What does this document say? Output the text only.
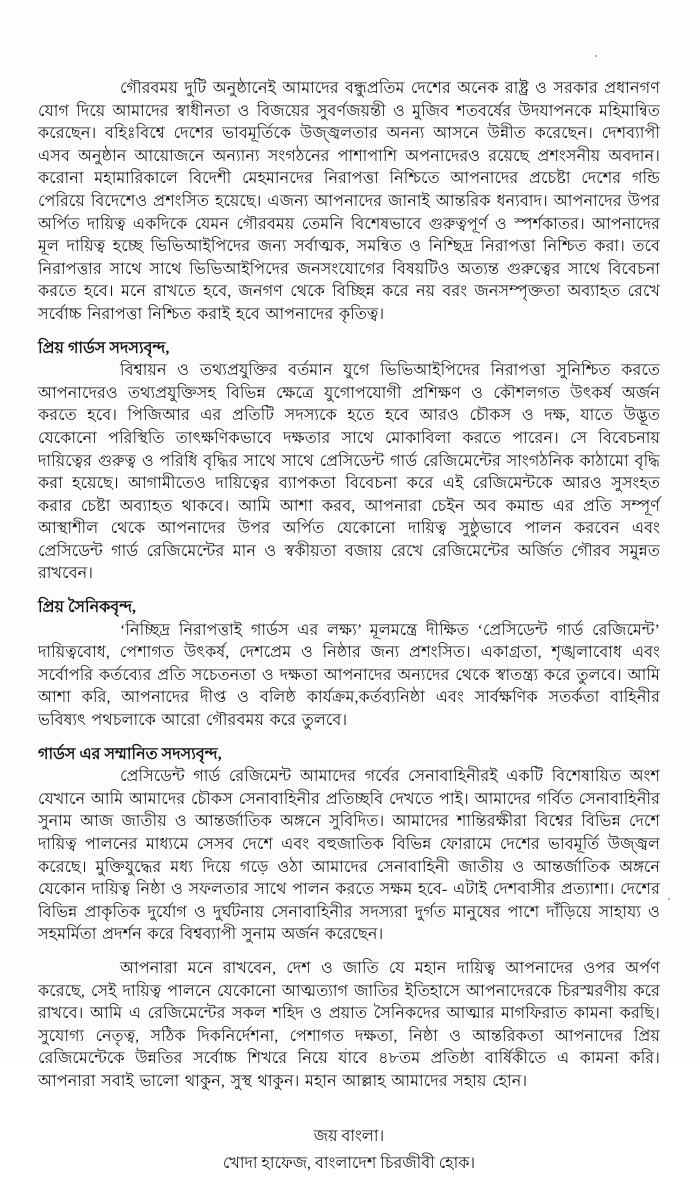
গৌরবময় দুটি অনুষ্ঠানেই আমাদের বন্ধুপ্রতিম দেশের অনেক রাষ্ট্র ও সরকার প্রধানগণ যোগ দিয়ে আমাদের স্বাধীনতা ও বিজয়ের সুবর্ণজয়ন্তী ও মুজিব শতবর্ষের উদযাপনকে মহিমান্বিত করেছেন। বহিঃবিশ্বে দেশের ভাবমূর্তিকে উজ্জ্বলতার অনন্য আসনে উন্নীত করেছেন। দেশব্যাপী এসব অনুষ্ঠান আয়োজনে অন্যান্য সংগঠনের পাশাপাশি অপনাদেরও রয়েছে প্রশংসনীয় অবদান। করোনা মহামারিকালে বিদেশী মেহমানদের নিরাপত্তা নিশ্চিতে আপনাদের প্রচেষ্টা দেশের গন্ডি পেরিয়ে বিদেশেও প্রশংসিত হয়েছে। এজন্য আপনাদের জানাই আন্তরিক ধন্যবাদ। আপনাদের উপর অর্পিত দায়িত্ব একদিকে যেমন গৌরবময় তেমনি বিশেষভাবে গুরুত্বপূর্ণ ও স্পর্শকাতর। আপনাদের মূল দায়িত্ব হচ্ছে ভিভিআইপিদের জন্য সর্বাত্মক, সমন্বিত ও নিশ্ছিদ্র নিরাপত্তা নিশ্চিত করা। তবে নিরাপত্তার সাথে সাথে ভিভিআইপিদের জনসংযোগের বিষয়টিও অত্যন্ত গুরুত্বের সাথে বিবেচনা করতে হবে। মনে রাখতে হবে, জনগণ থেকে বিচ্ছিন্ন করে নয় বরং জনসম্পৃক্ততা অব্যাহত রেখে সর্বোচ্চ নিরাপত্তা নিশ্চিত করাই হবে আপনাদের কৃতিত্ব।

প্রিয় গার্ডস সদস্যবৃন্দ,

বিশ্বায়ন ও তথ্যপ্রযুক্তির বর্তমান যুগে ভিভিআইপিদের নিরাপত্তা সুনিশ্চিত করতে আপনাদেরও তথ্যপ্রযুক্তিসহ বিভিন্ন ক্ষেত্রে যুগোপযোগী প্রশিক্ষণ ও কৌশলগত উৎকর্ষ অর্জন করতে হবে। পিজিআর এর প্রতিটি সদস্যকে হতে হবে আরও চৌকস ও দক্ষ, যাতে উদ্ভূত যেকোনো পরিস্থিতি তাৎক্ষণিকভাবে দক্ষতার সাথে মোকাবিলা করতে পারেন। সে বিবেচনায় দায়িত্বের গুরুত্ব ও পরিধি বৃদ্ধির সাথে সাথে প্রেসিডেন্ট গার্ড রেজিমেন্টের সাংগঠনিক কাঠামো বৃদ্ধি করা হয়েছে। আগামীতেও দায়িত্বের ব্যাপকতা বিবেচনা করে এই রেজিমেন্টকে আরও সুসংহত করার চেষ্টা অব্যাহত থাকবে। আমি আশা করব, আপনারা চেইন অব কমান্ড এর প্রতি সম্পূর্ণ আস্থাশীল থেকে আপনাদের উপর অর্পিত যেকোনো দায়িত্ব সুষ্ঠুভাবে পালন করবেন এবং প্রেসিডেন্ট গার্ড রেজিমেন্টের মান ও স্বকীয়তা বজায় রেখে রেজিমেন্টের অর্জিত গৌরব সমুন্নত রাখবেন।

প্রিয় সৈনিকবৃন্দ,

‘নিচ্ছিদ্র নিরাপত্তাই গার্ডস এর লক্ষ্য’ মূলমন্ত্রে দীক্ষিত ‘প্রেসিডেন্ট গার্ড রেজিমেন্ট’ দায়িত্ববোধ, পেশাগত উৎকর্ষ, দেশপ্রেম ও নিষ্ঠার জন্য প্রশংসিত। একাগ্রতা, শৃঙ্খলাবোধ এবং সর্বোপরি কর্তব্যের প্রতি সচেতনতা ও দক্ষতা আপনাদের অন্যদের থেকে স্বাতন্ত্র্য করে তুলবে। আমি আশা করি, আপনাদের দীপ্ত ও বলিষ্ঠ কার্যক্রম,কর্তব্যনিষ্ঠা এবং সার্বক্ষণিক সতর্কতা বাহিনীর ভবিষ্যৎ পথচলাকে আরো গৌরবময় করে তুলবে।

গার্ডস এর সম্মানিত সদস্যবৃন্দ,

প্রেসিডেন্ট গার্ড রেজিমেন্ট আমাদের গর্বের সেনাবাহিনীরই একটি বিশেষায়িত অংশ যেখানে আমি আমাদের চৌকস সেনাবাহিনীর প্রতিচ্ছবি দেখতে পাই। আমাদের গর্বিত সেনাবাহিনীর সুনাম আজ জাতীয় ও আন্তর্জাতিক অঙ্গনে সুবিদিত। আমাদের শান্তিরক্ষীরা বিশ্বের বিভিন্ন দেশে দায়িত্ব পালনের মাধ্যমে সেসব দেশে এবং বহুজাতিক বিভিন্ন ফোরামে দেশের ভাবমূর্তি উজ্জ্বল করেছে। মুক্তিযুদ্ধের মধ্য দিয়ে গড়ে ওঠা আমাদের সেনাবাহিনী জাতীয় ও আন্তর্জাতিক অঙ্গনে যেকোন দায়িত্ব নিষ্ঠা ও সফলতার সাথে পালন করতে সক্ষম হবে- এটাই দেশবাসীর প্রত্যাশা। দেশের বিভিন্ন প্রাকৃতিক দুর্যোগ ও দুর্ঘটনায় সেনাবাহিনীর সদস্যরা দুর্গত মানুষের পাশে দাঁড়িয়ে সাহায্য ও সহমর্মিতা প্রদর্শন করে বিশ্বব্যাপী সুনাম অর্জন করেছেন।

আপনারা মনে রাখবেন, দেশ ও জাতি যে মহান দায়িত্ব আপনাদের ওপর অর্পণ করেছে, সেই দায়িত্ব পালনে যেকোনো আত্মত্যাগ জাতির ইতিহাসে আপনাদেরকে চিরস্মরণীয় করে রাখবে। আমি এ রেজিমেন্টের সকল শহিদ ও প্রয়াত সৈনিকদের আত্মার মাগফিরাত কামনা করছি। সুযোগ্য নেতৃত্ব, সঠিক দিকনির্দেশনা, পেশাগত দক্ষতা, নিষ্ঠা ও আন্তরিকতা আপনাদের প্রিয় রেজিমেন্টেকে উন্নতির সর্বোচ্চ শিখরে নিয়ে যাবে ৪৮তম প্রতিষ্ঠা বার্ষিকীতে এ কামনা করি। আপনারা সবাই ভালো থাকুন, সুস্থ থাকুন। মহান আল্লাহ আমাদের সহায় হোন।

জয় বাংলা।

খোদা হাফেজ, বাংলাদেশ চিরজীবী হোক।
